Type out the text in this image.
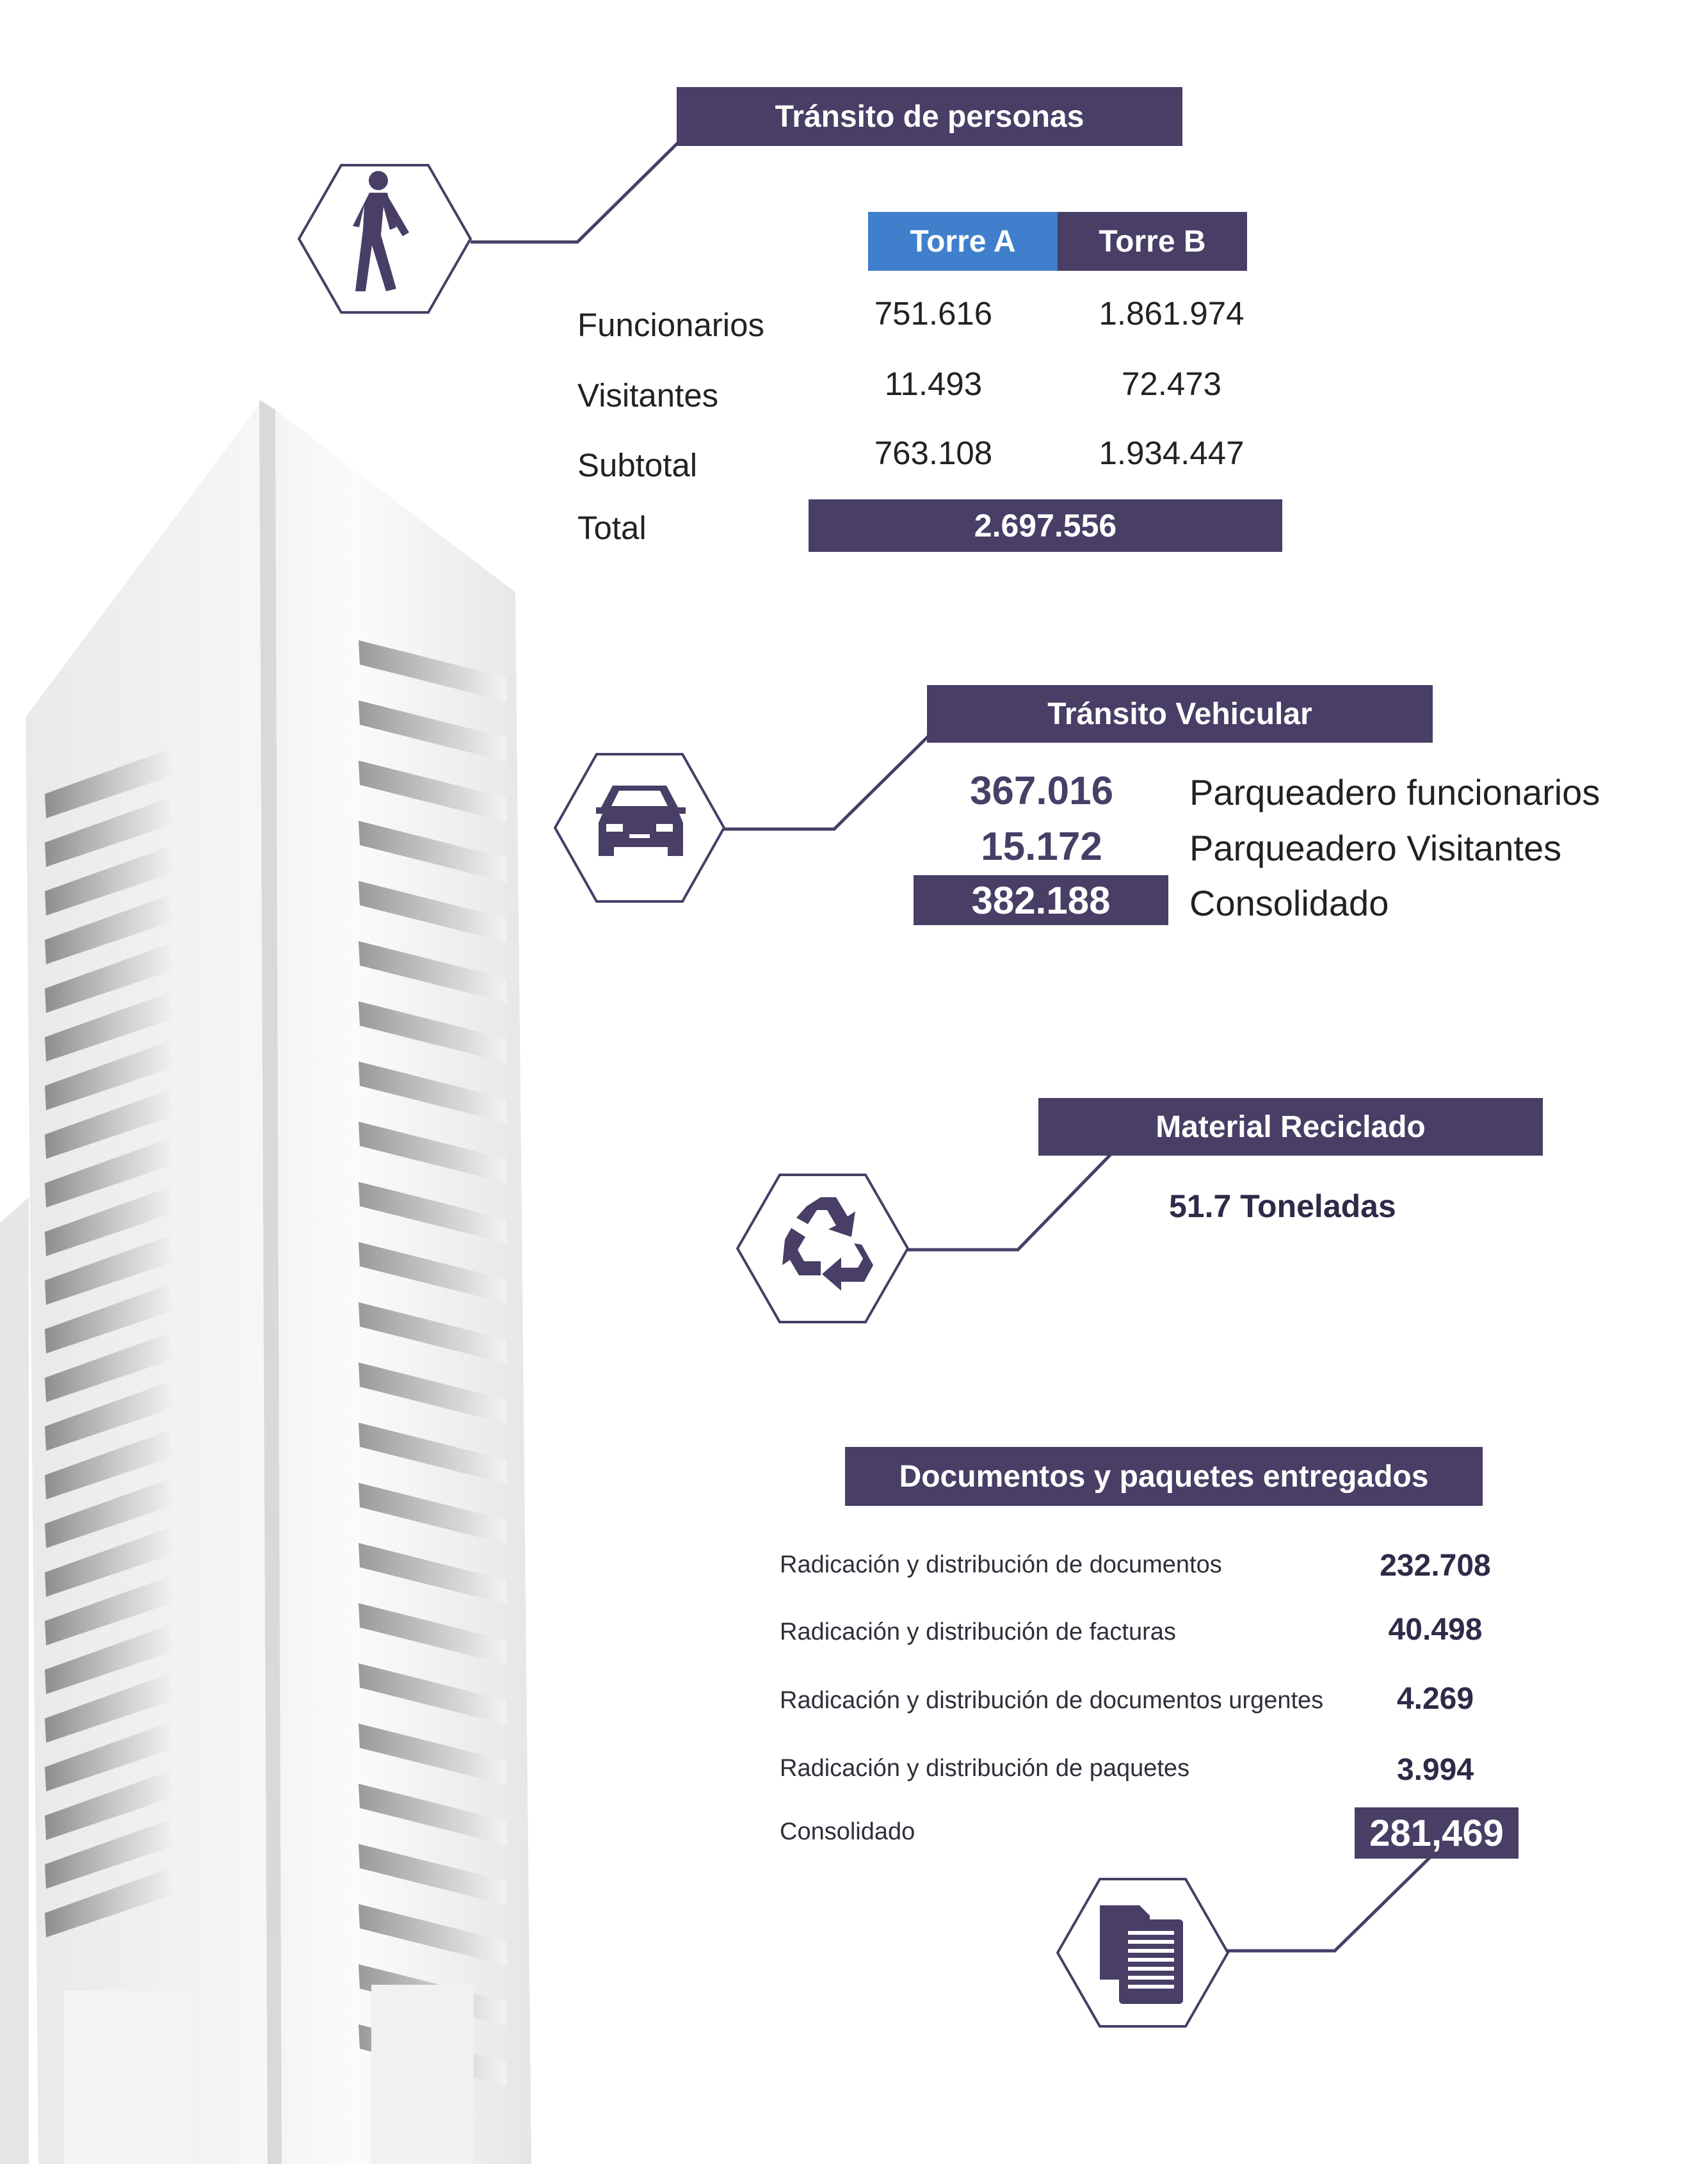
Tránsito de personas
Torre A	Torre B
Funcionarios	751.616	1.861.974
Visitantes	11.493	72.473
Subtotal	763.108	1.934.447
Total	2.697.556
Tránsito Vehicular
367.016	Parqueadero funcionarios
15.172	Parqueadero Visitantes
382.188	Consolidado
Material Reciclado
51.7 Toneladas
Documentos y paquetes entregados
Radicación y distribución de documentos	232.708
Radicación y distribución de facturas	40.498
Radicación y distribución de documentos urgentes	4.269
Radicación y distribución de paquetes	3.994
Consolidado	281,469
